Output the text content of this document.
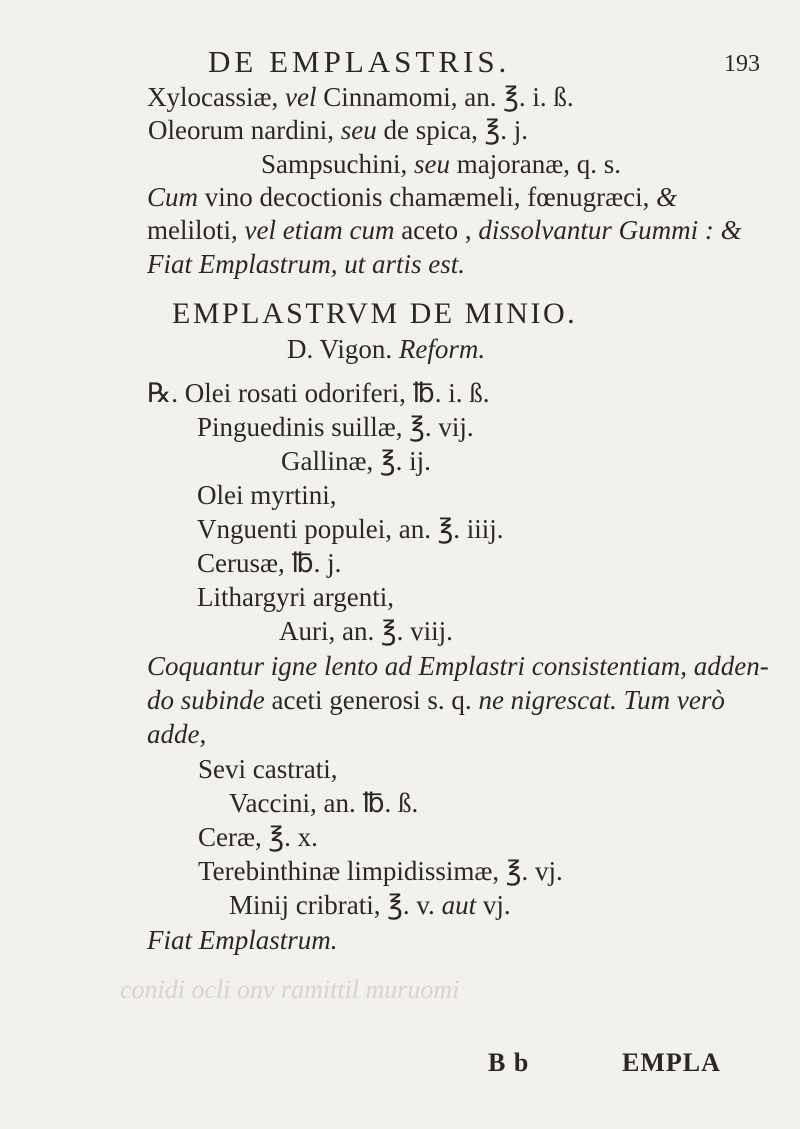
DE EMPLASTRIS.	193
Xylocassiæ, vel Cinnamomi, an. ℥. i. ß.
Oleorum nardini, seu de spica, ℥. j.
Sampsuchini, seu majoranæ, q. s.
Cum vino decoctionis chamæmeli, fœnugræci, &
meliloti, vel etiam cum aceto , dissolvantur Gummi : &
Fiat Emplastrum, ut artis est.
EMPLASTRVM DE MINIO.
D. Vigon. Reform.
℞. Olei rosati odoriferi, ℔. i. ß.
Pinguedinis suillæ, ℥. vij.
Gallinæ, ℥. ij.
Olei myrtini,
Vnguenti populei, an. ℥. iiij.
Cerusæ, ℔. j.
Lithargyri argenti,
Auri, an. ℥. viij.
Coquantur igne lento ad Emplastri consistentiam, adden-
do subinde aceti generosi s. q. ne nigrescat. Tum verò
adde,
Sevi castrati,
Vaccini, an. ℔. ß.
Ceræ, ℥. x.
Terebinthinæ limpidissimæ, ℥. vj.
Minij cribrati, ℥. v. aut vj.
Fiat Emplastrum.
conidi ocli onv ramittil muruomi
B b	EMPLA
